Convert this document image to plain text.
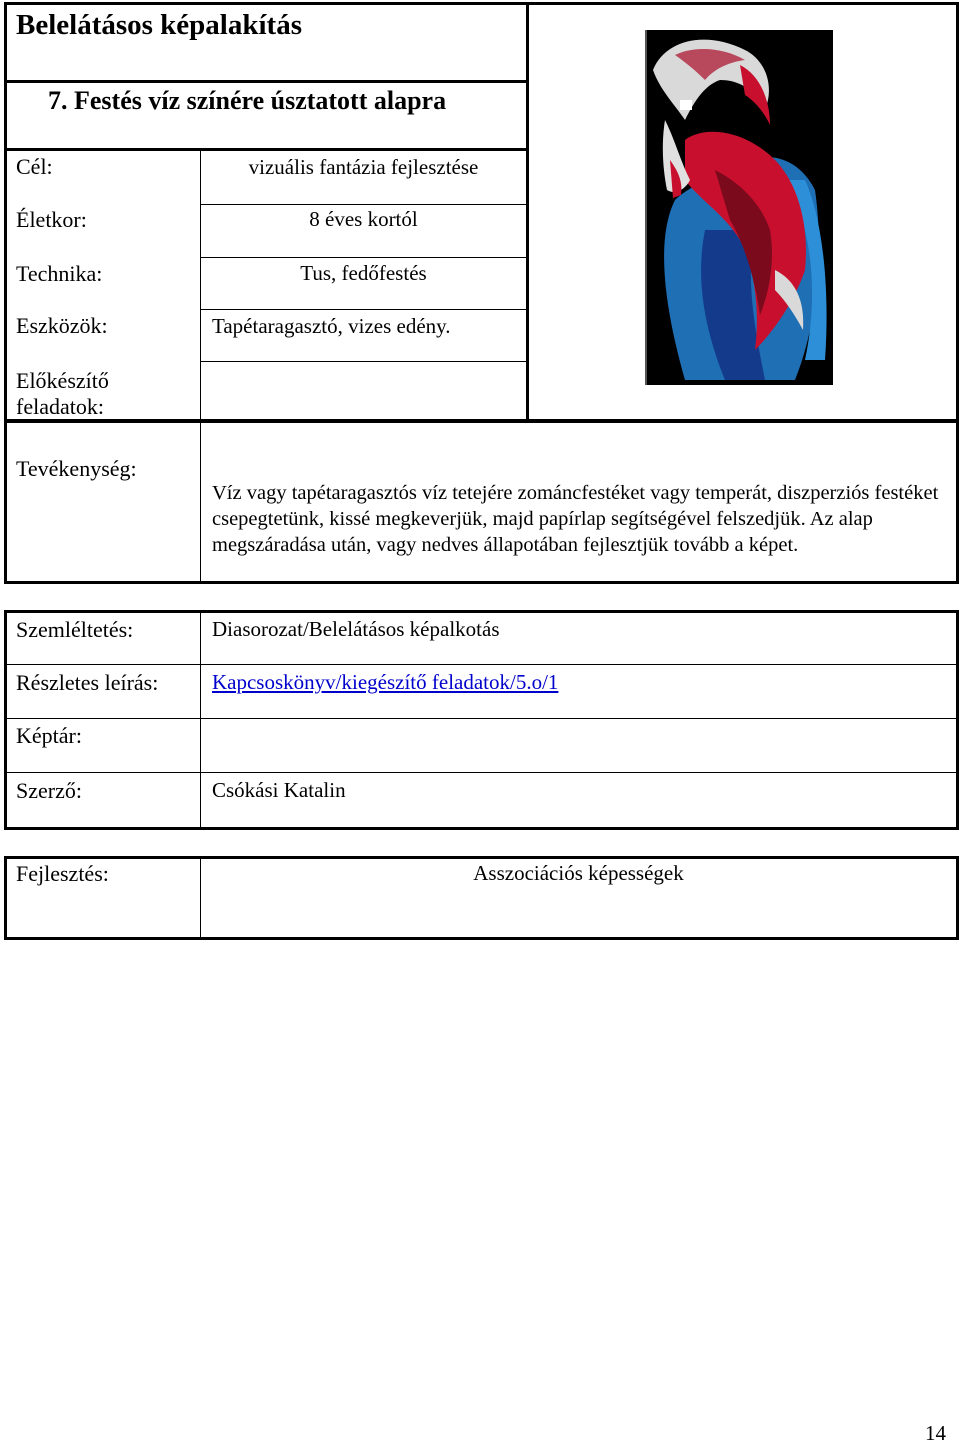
Belelátásos képalakítás
7. Festés víz színére úsztatott alapra
Cél:	vizuális fantázia fejlesztése
Életkor:	8 éves kortól
Technika:	Tus, fedőfestés
Eszközök:	Tapétaragasztó, vizes edény.
Előkészítő feladatok:
Tevékenység:
Víz vagy tapétaragasztós víz tetejére zománcfestéket vagy temperát, diszperziós festéket csepegtetünk, kissé megkeverjük, majd papírlap segítségével felszedjük. Az alap megszáradása után, vagy nedves állapotában fejlesztjük tovább a képet.
Szemléltetés:	Diasorozat/Belelátásos képalkotás
Részletes leírás:	Kapcsoskönyv/kiegészítő feladatok/5.o/1
Képtár:
Szerző:	Csókási Katalin
Fejlesztés:	Asszociációs képességek
14
